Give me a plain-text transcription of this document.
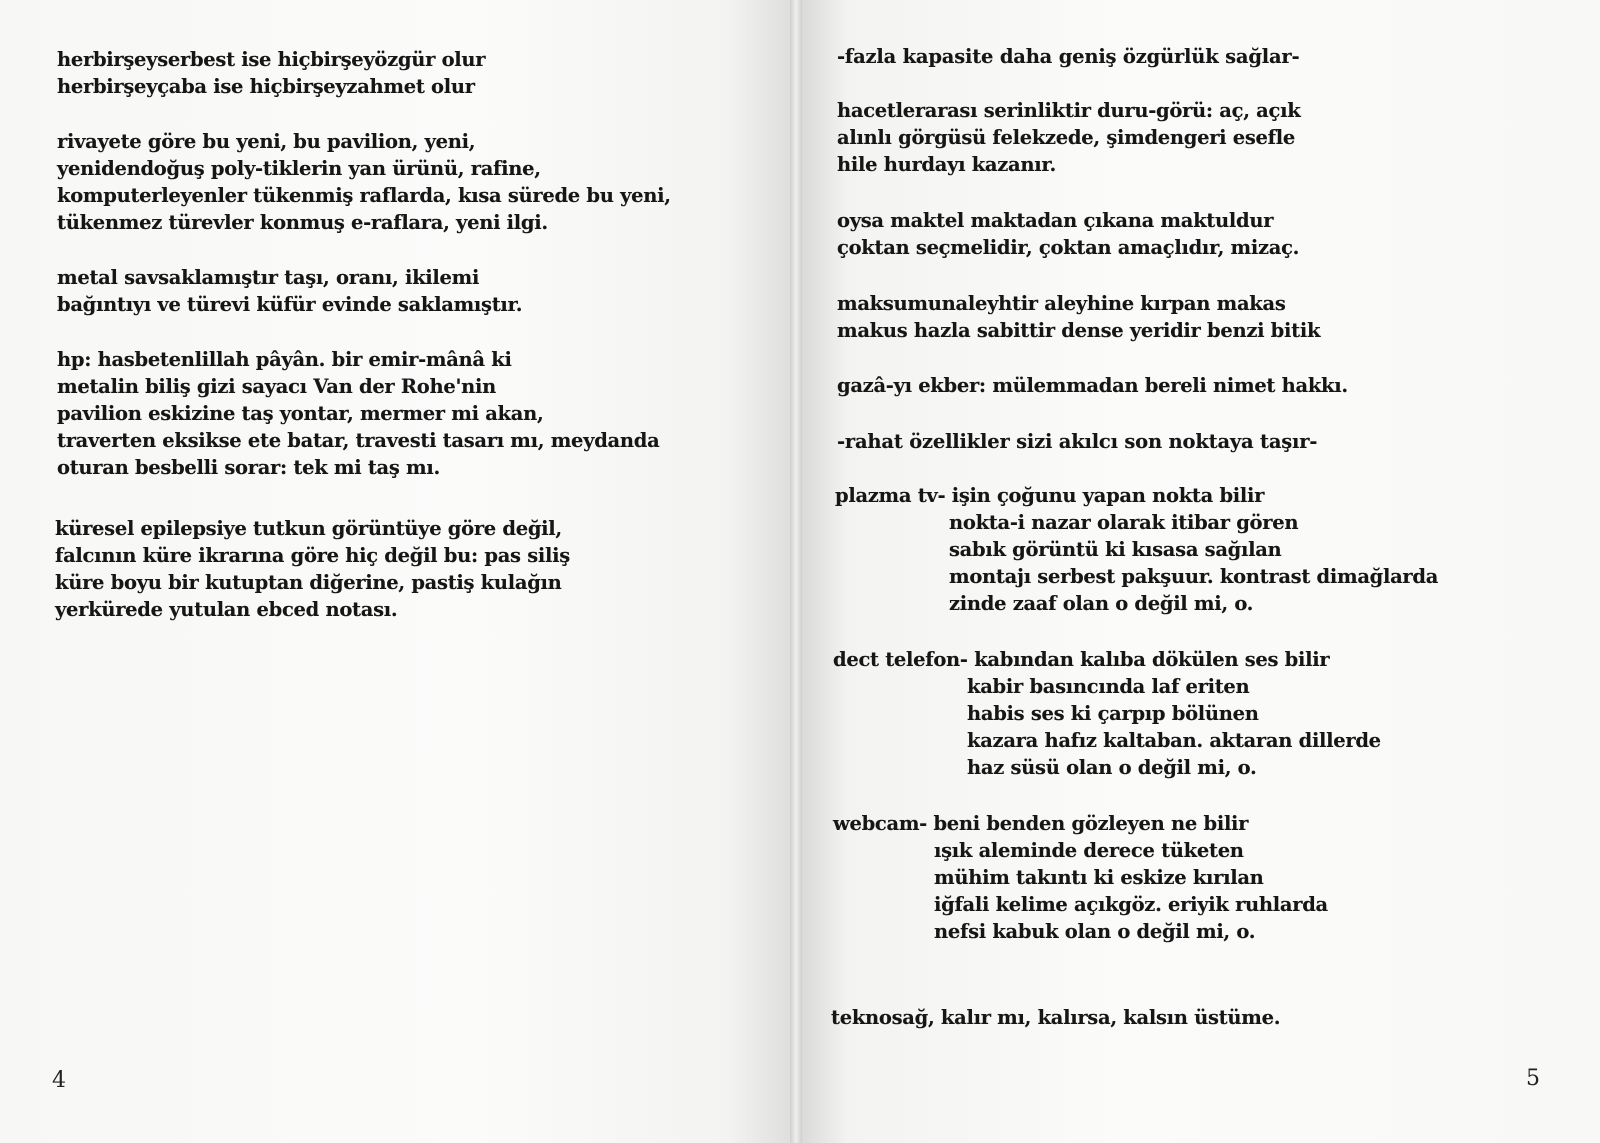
herbirşeyserbest ise hiçbirşeyözgür olur
herbirşeyçaba ise hiçbirşeyzahmet olur
rivayete göre bu yeni, bu pavilion, yeni,
yenidendoğuş poly-tiklerin yan ürünü, rafine,
komputerleyenler tükenmiş raflarda, kısa sürede bu yeni,
tükenmez türevler konmuş e-raflara, yeni ilgi.
metal savsaklamıştır taşı, oranı, ikilemi
bağıntıyı ve türevi küfür evinde saklamıştır.
hp: hasbetenlillah pâyân. bir emir-mânâ ki
metalin biliş gizi sayacı Van der Rohe'nin
pavilion eskizine taş yontar, mermer mi akan,
traverten eksikse ete batar, travesti tasarı mı, meydanda
oturan besbelli sorar: tek mi taş mı.
küresel epilepsiye tutkun görüntüye göre değil,
falcının küre ikrarına göre hiç değil bu: pas siliş
küre boyu bir kutuptan diğerine, pastiş kulağın
yerkürede yutulan ebced notası.
4
-fazla kapasite daha geniş özgürlük sağlar-
hacetlerarası serinliktir duru-görü: aç, açık
alınlı görgüsü felekzede, şimdengeri esefle
hile hurdayı kazanır.
oysa maktel maktadan çıkana maktuldur
çoktan seçmelidir, çoktan amaçlıdır, mizaç.
maksumunaleyhtir aleyhine kırpan makas
makus hazla sabittir dense yeridir benzi bitik
gazâ-yı ekber: mülemmadan bereli nimet hakkı.
-rahat özellikler sizi akılcı son noktaya taşır-
plazma tv- işin çoğunu yapan nokta bilir
nokta-i nazar olarak itibar gören
sabık görüntü ki kısasa sağılan
montajı serbest pakşuur. kontrast dimağlarda
zinde zaaf olan o değil mi, o.
dect telefon- kabından kalıba dökülen ses bilir
kabir basıncında laf eriten
habis ses ki çarpıp bölünen
kazara hafız kaltaban. aktaran dillerde
haz süsü olan o değil mi, o.
webcam- beni benden gözleyen ne bilir
ışık aleminde derece tüketen
mühim takıntı ki eskize kırılan
iğfali kelime açıkgöz. eriyik ruhlarda
nefsi kabuk olan o değil mi, o.
teknosağ, kalır mı, kalırsa, kalsın üstüme.
5
